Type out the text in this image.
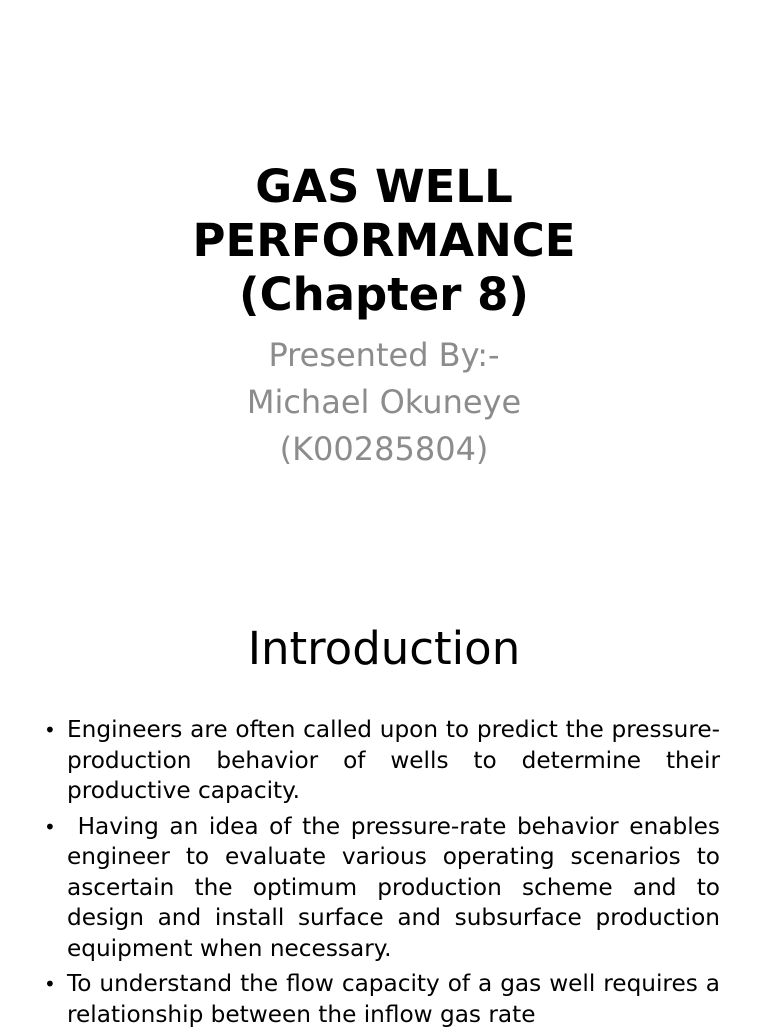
GAS WELL
PERFORMANCE
(Chapter 8)
Presented By:-
Michael Okuneye
(K00285804)
Introduction
• Engineers are often called upon to predict the pressure-production behavior of wells to determine their productive capacity.
• Having an idea of the pressure-rate behavior enables  engineer to evaluate various operating scenarios to ascertain the optimum production scheme and to design and install surface and subsurface production equipment when necessary.
• To understand the flow capacity of a gas well requires a relationship between the inflow gas rate
